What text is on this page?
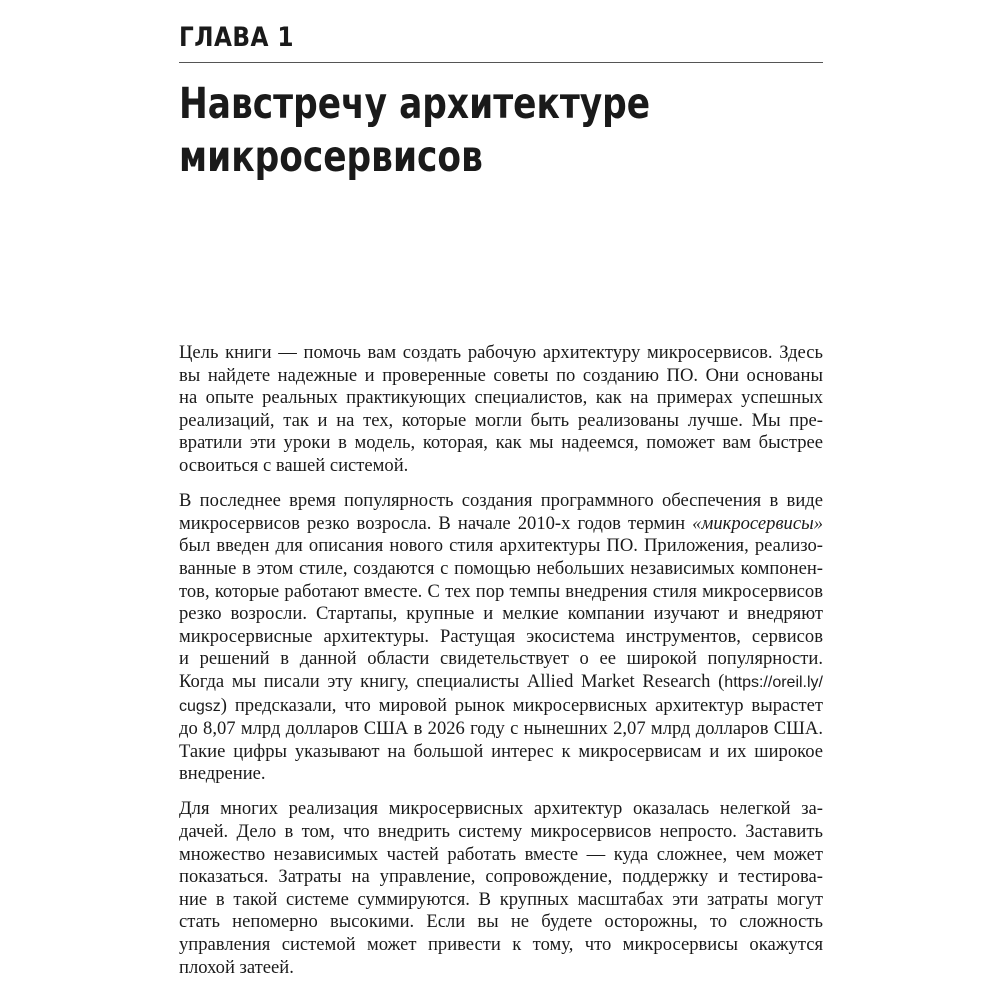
ГЛАВА 1
Навстречу архитектуре
микросервисов

Цель книги — помочь вам создать рабочую архитектуру микросервисов. Здесь
вы найдете надежные и проверенные советы по созданию ПО. Они основаны
на опыте реальных практикующих специалистов, как на примерах успешных
реализаций, так и на тех, которые могли быть реализованы лучше. Мы пре-
вратили эти уроки в модель, которая, как мы надеемся, поможет вам быстрее
освоиться с вашей системой.

В последнее время популярность создания программного обеспечения в виде
микросервисов резко возросла. В начале 2010-х годов термин «микросервисы»
был введен для описания нового стиля архитектуры ПО. Приложения, реализо-
ванные в этом стиле, создаются с помощью небольших независимых компонен-
тов, которые работают вместе. С тех пор темпы внедрения стиля микросервисов
резко возросли. Стартапы, крупные и мелкие компании изучают и внедряют
микросервисные архитектуры. Растущая экосистема инструментов, сервисов
и решений в данной области свидетельствует о ее широкой популярности.
Когда мы писали эту книгу, специалисты Allied Market Research (https://oreil.ly/
cugsz) предсказали, что мировой рынок микросервисных архитектур вырастет
до 8,07 млрд долларов США в 2026 году с нынешних 2,07 млрд долларов США.
Такие цифры указывают на большой интерес к микросервисам и их широкое
внедрение.

Для многих реализация микросервисных архитектур оказалась нелегкой за-
дачей. Дело в том, что внедрить систему микросервисов непросто. Заставить
множество независимых частей работать вместе — куда сложнее, чем может
показаться. Затраты на управление, сопровождение, поддержку и тестирова-
ние в такой системе суммируются. В крупных масштабах эти затраты могут
стать непомерно высокими. Если вы не будете осторожны, то сложность
управления системой может привести к тому, что микросервисы окажутся
плохой затеей.
